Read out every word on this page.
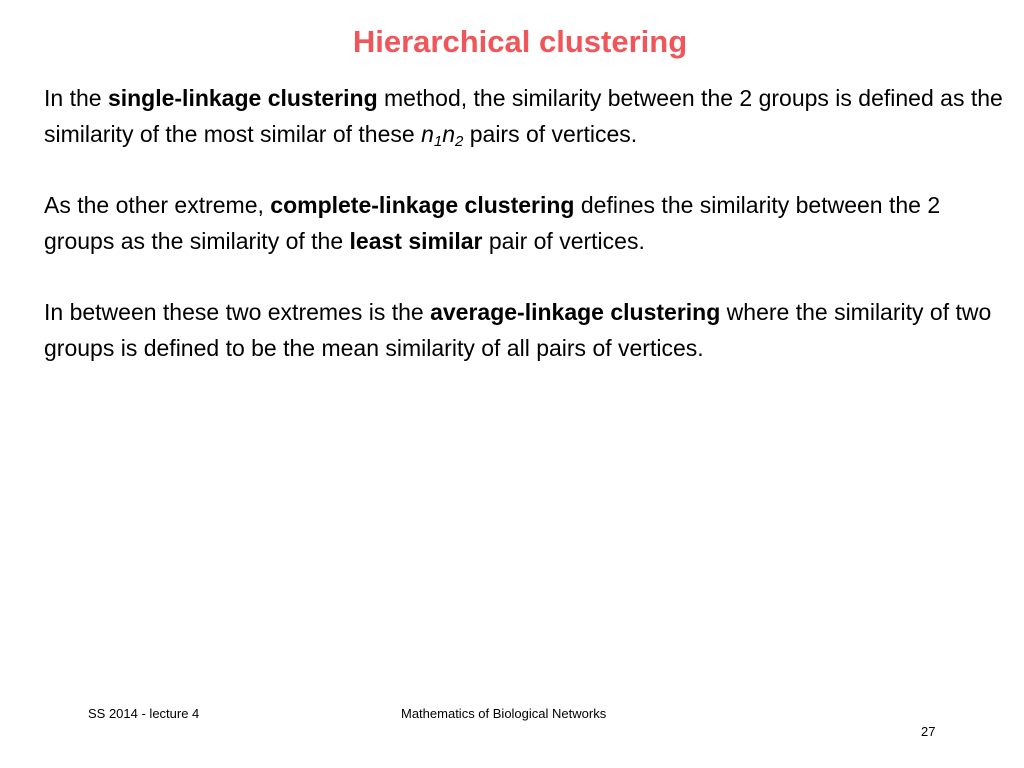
Hierarchical clustering

In the single-linkage clustering method, the similarity between the 2 groups is defined as the similarity of the most similar of these $n_1n_2$ pairs of vertices.

As the other extreme, complete-linkage clustering defines the similarity between the 2 groups as the similarity of the least similar pair of vertices.

In between these two extremes is the average-linkage clustering where the similarity of two groups is defined to be the mean similarity of all pairs of vertices.

SS 2014 - lecture 4	Mathematics of Biological Networks
27
